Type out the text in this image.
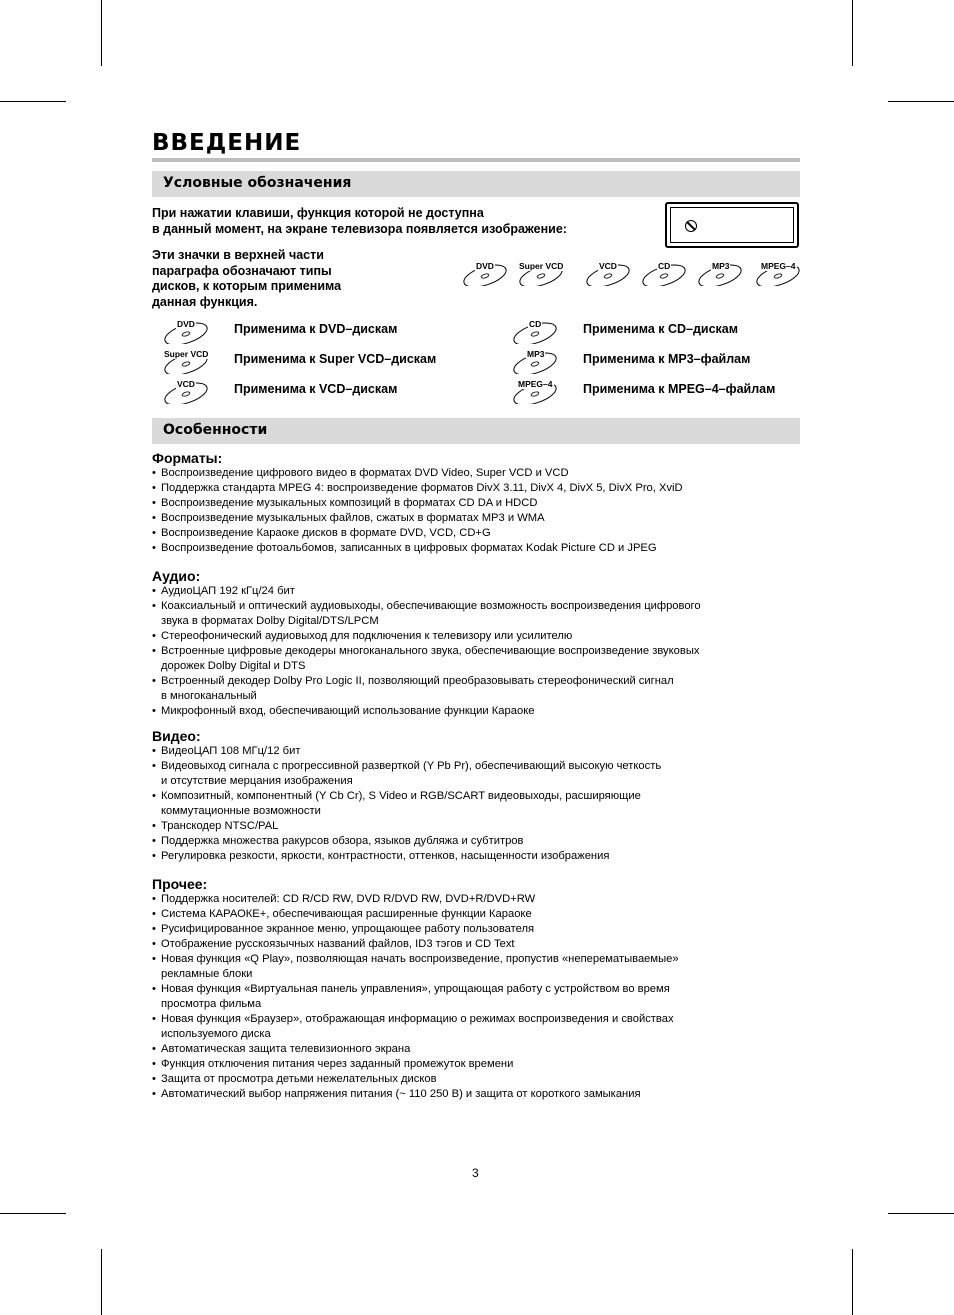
ВВЕДЕНИЕ
Условные обозначения
При нажатии клавиши, функция которой не доступна
в данный момент, на экране телевизора появляется изображение:
Эти значки в верхней части
параграфа обозначают типы
дисков, к которым применима
данная функция.
Особенности
Форматы:
• Воспроизведение цифрового видео в форматах DVD Video, Super VCD и VCD
• Поддержка стандарта MPEG 4: воспроизведение форматов DivX 3.11, DivX 4, DivX 5, DivX Pro, XviD
• Воспроизведение музыкальных композиций в форматах CD DA и HDCD
• Воспроизведение музыкальных файлов, сжатых в форматах MP3 и WMA
• Воспроизведение Караоке дисков в формате DVD, VCD, CD+G
• Воспроизведение фотоальбомов, записанных в цифровых форматах Kodak Picture CD и JPEG
Аудио:
• АудиоЦАП 192 кГц/24 бит
• Коаксиальный и оптический аудиовыходы, обеспечивающие возможность воспроизведения цифрового
звука в форматах Dolby Digital/DTS/LPCM
• Стереофонический аудиовыход для подключения к телевизору или усилителю
• Встроенные цифровые декодеры многоканального звука, обеспечивающие воспроизведение звуковых
дорожек Dolby Digital и DTS
• Встроенный декодер Dolby Pro Logic II, позволяющий преобразовывать стереофонический сигнал
в многоканальный
• Микрофонный вход, обеспечивающий использование функции Караоке
Видео:
• ВидеоЦАП 108 МГц/12 бит
• Видеовыход сигнала с прогрессивной разверткой (Y Pb Pr), обеспечивающий высокую четкость
и отсутствие мерцания изображения
• Композитный, компонентный (Y Cb Cr), S Video и RGB/SCART видеовыходы, расширяющие
коммутационные возможности
• Транскодер NTSC/PAL
• Поддержка множества ракурсов обзора, языков дубляжа и субтитров
• Регулировка резкости, яркости, контрастности, оттенков, насыщенности изображения
Прочее:
• Поддержка носителей: CD R/CD RW, DVD R/DVD RW, DVD+R/DVD+RW
• Система КАРАОКЕ+, обеспечивающая расширенные функции Караоке
• Русифицированное экранное меню, упрощающее работу пользователя
• Отображение русскоязычных названий файлов, ID3 тэгов и CD Text
• Новая функция «Q Play», позволяющая начать воспроизведение, пропустив «неперематываемые»
рекламные блоки
• Новая функция «Виртуальная панель управления», упрощающая работу с устройством во время
просмотра фильма
• Новая функция «Браузер», отображающая информацию о режимах воспроизведения и свойствах
используемого диска
• Автоматическая защита телевизионного экрана
• Функция отключения питания через заданный промежуток времени
• Защита от просмотра детьми нежелательных дисков
• Автоматический выбор напряжения питания (~ 110 250 В) и защита от короткого замыкания
3
DVD	Super VCD	VCD	CD	MP3	MPEG–4
DVD	Применима к DVD–дискам
Super VCD Применима к Super VCD–дискам
VCD	Применима к VCD–дискам
CD	Применима к CD–дискам
MP3	Применима к MP3–файлам
MPEG–4 Применима к MPEG–4–файлам
